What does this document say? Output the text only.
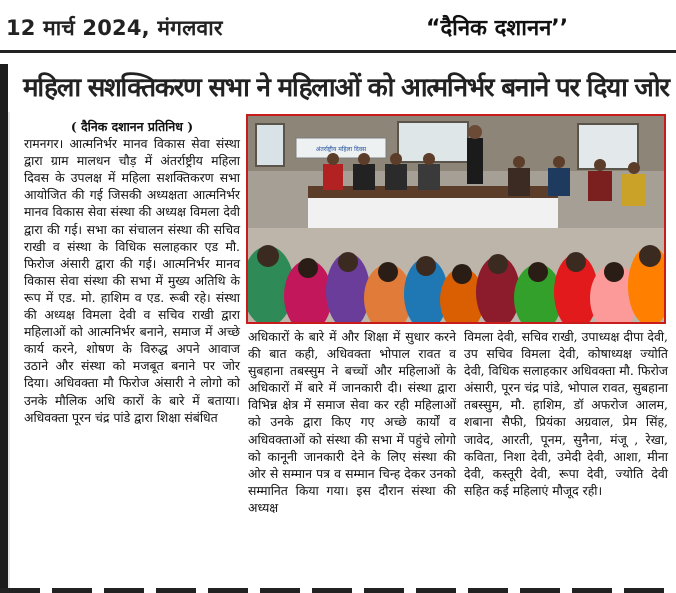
12 मार्च 2024, मंगलवार	“दैनिक दशानन’’
महिला सशक्तिकरण सभा ने महिलाओं को आत्मनिर्भर बनाने पर दिया जोर
( दैनिक दशानन प्रतिनिध )
रामनगर। आत्मनिर्भर मानव विकास सेवा संस्था द्वारा ग्राम मालधन चौड़ में अंतर्राष्ट्रीय महिला दिवस के उपलक्ष में महिला सशक्तिकरण सभा आयोजित की गई जिसकी अध्यक्षता आत्मनिर्भर मानव विकास सेवा संस्था की अध्यक्ष विमला देवी द्वारा की गई। सभा का संचालन संस्था की सचिव राखी व संस्था के विधिक सलाहकार एड मौ. फिरोज अंसारी द्वारा की गई। आत्मनिर्भर मानव विकास सेवा संस्था की सभा में मुख्य अतिथि के रूप में एड. मो. हाशिम व एड. रूबी रहे। संस्था की अध्यक्ष विमला देवी व सचिव राखी द्वारा महिलाओं को आत्मनिर्भर बनाने, समाज में अच्छे कार्य करने, शोषण के विरुद्ध अपने आवाज उठाने और संस्था को मजबूत बनाने पर जोर दिया। अधिवक्ता मौ फिरोज अंसारी ने लोगो को उनके मौलिक अधि कारों के बारे में बताया। अधिवक्ता पूरन चंद्र पांडे द्वारा शिक्षा संबंधित
अंतर्राष्ट्रीय महिला दिवस
अधिकारों के बारे में और शिक्षा में सुधार करने की बात कही, अधिवक्ता भोपाल रावत व सुबहाना तबस्सुम ने बच्चों और महिलाओं के अधिकारों में बारे में जानकारी दी। संस्था द्वारा विभिन्न क्षेत्र में समाज सेवा कर रही महिलाओं को उनके द्वारा किए गए अच्छे कार्यों व अधिवक्ताओं को संस्था की सभा में पहुंचे लोगो को कानूनी जानकारी देने के लिए संस्था की ओर से सम्मान पत्र व सम्मान चिन्ह देकर उनको सम्मानित किया गया। इस दौरान संस्था की अध्यक्ष
विमला देवी, सचिव राखी, उपाध्यक्ष दीपा देवी, उप सचिव विमला देवी, कोषाध्यक्ष ज्योति देवी, विधिक सलाहकार अधिवक्ता मौ. फिरोज अंसारी, पूरन चंद्र पांडे, भोपाल रावत, सुबहाना तबस्सुम, मौ. हाशिम, डॉ अफरोज आलम, शबाना सैफी, प्रियंका अग्रवाल, प्रेम सिंह, जावेद, आरती, पूनम, सुनैना, मंजू , रेखा, कविता, निशा देवी, उमेदी देवी, आशा, मीना देवी, कस्तूरी देवी, रूपा देवी, ज्योति देवी सहित कई महिलाएं मौजूद रही।
